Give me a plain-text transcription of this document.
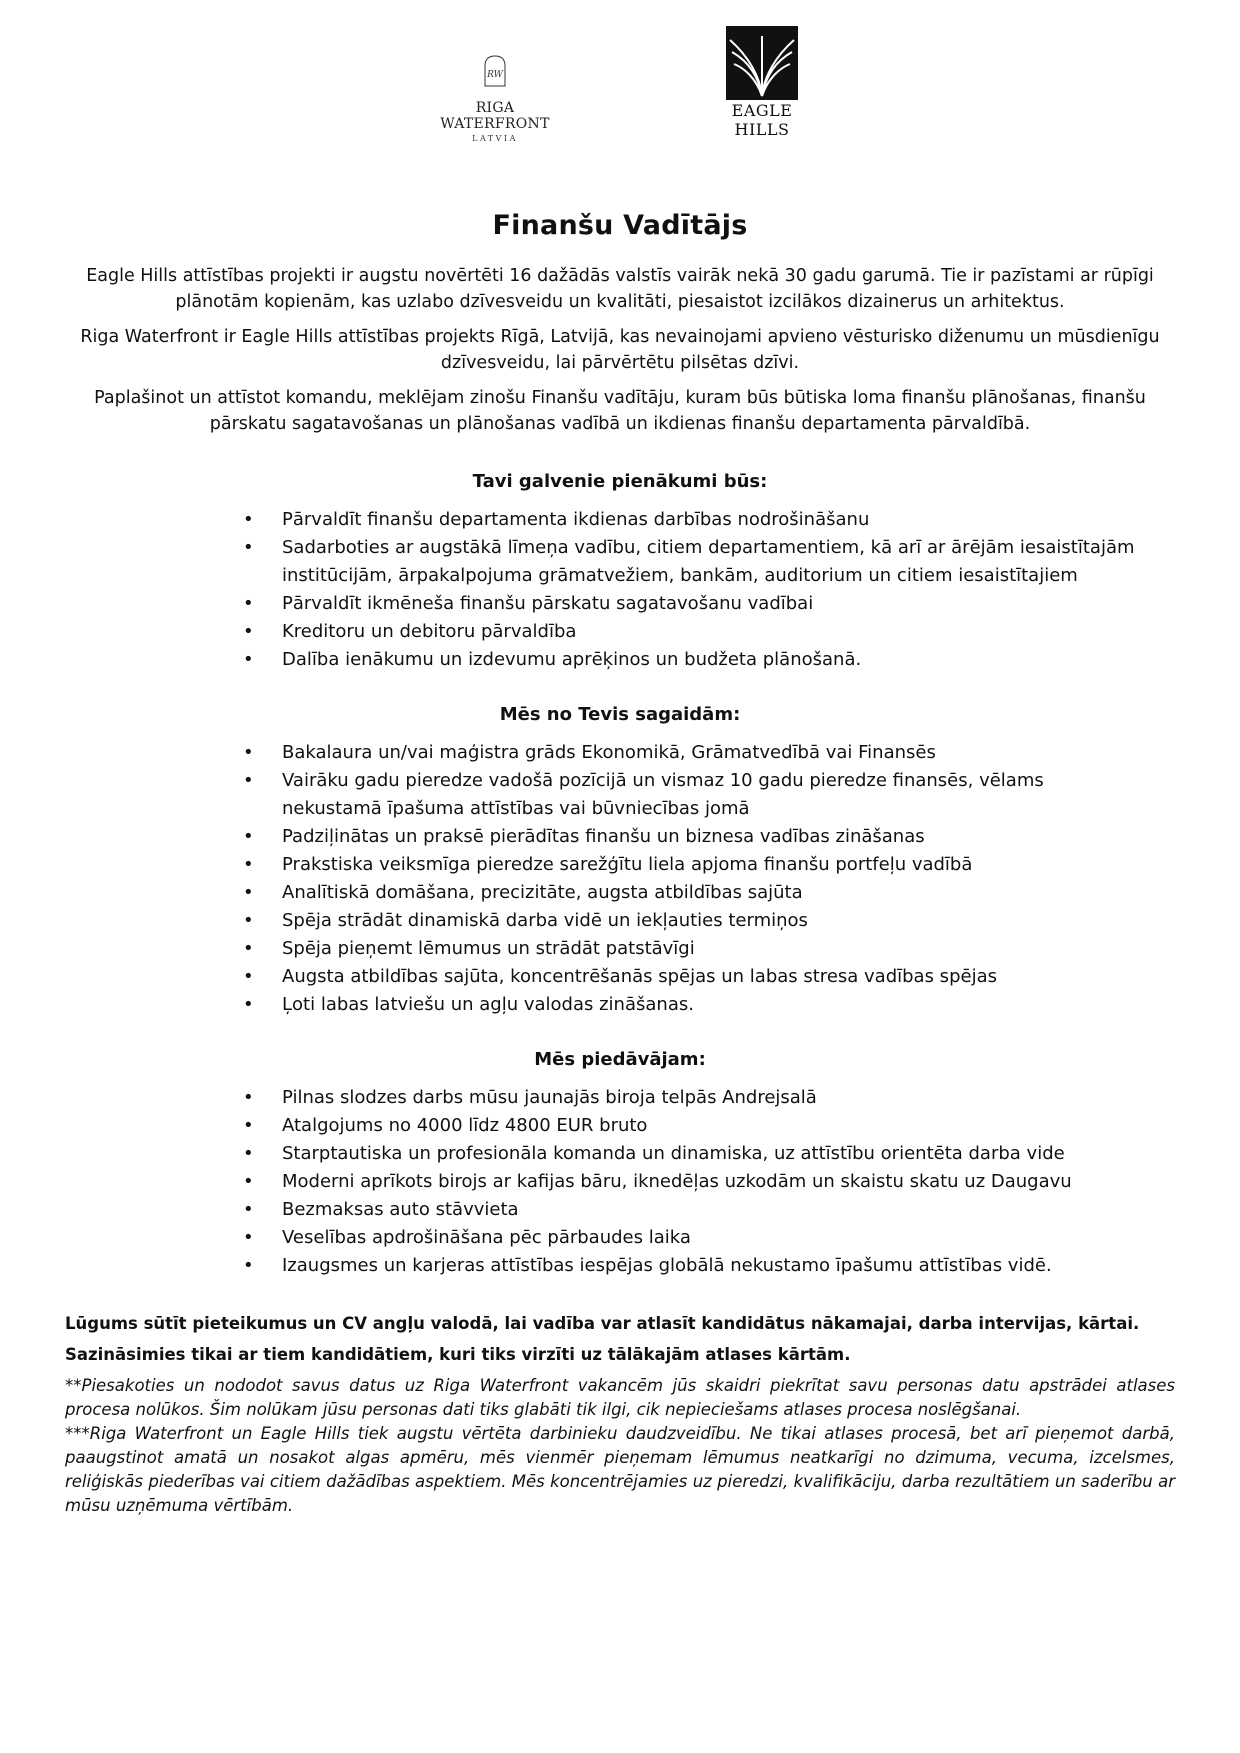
RW
RIGA WATERFRONT
LATVIA
EAGLE
HILLS
Finanšu Vadītājs

Eagle Hills attīstības projekti ir augstu novērtēti 16 dažādās valstīs vairāk nekā 30 gadu garumā. Tie ir pazīstami ar rūpīgi plānotām kopienām, kas uzlabo dzīvesveidu un kvalitāti, piesaistot izcilākos dizainerus un arhitektus.

Riga Waterfront ir Eagle Hills attīstības projekts Rīgā, Latvijā, kas nevainojami apvieno vēsturisko diženumu un mūsdienīgu dzīvesveidu, lai pārvērtētu pilsētas dzīvi.

Paplašinot un attīstot komandu, meklējam zinošu Finanšu vadītāju, kuram būs būtiska loma finanšu plānošanas, finanšu pārskatu sagatavošanas un plānošanas vadībā un ikdienas finanšu departamenta pārvaldībā.

Tavi galvenie pienākumi būs:
• Pārvaldīt finanšu departamenta ikdienas darbības nodrošināšanu
• Sadarboties ar augstākā līmeņa vadību, citiem departamentiem, kā arī ar ārējām iesaistītajām institūcijām, ārpakalpojuma grāmatvežiem, bankām, auditorium un citiem iesaistītajiem
• Pārvaldīt ikmēneša finanšu pārskatu sagatavošanu vadībai
• Kreditoru un debitoru pārvaldība
• Dalība ienākumu un izdevumu aprēķinos un budžeta plānošanā.
Mēs no Tevis sagaidām:
• Bakalaura un/vai maģistra grāds Ekonomikā, Grāmatvedībā vai Finansēs
• Vairāku gadu pieredze vadošā pozīcijā un vismaz 10 gadu pieredze finansēs, vēlams nekustamā īpašuma attīstības vai būvniecības jomā
• Padziļinātas un praksē pierādītas finanšu un biznesa vadības zināšanas
• Prakstiska veiksmīga pieredze sarežģītu liela apjoma finanšu portfeļu vadībā
• Analītiskā domāšana, precizitāte, augsta atbildības sajūta
• Spēja strādāt dinamiskā darba vidē un iekļauties termiņos
• Spēja pieņemt lēmumus un strādāt patstāvīgi
• Augsta atbildības sajūta, koncentrēšanās spējas un labas stresa vadības spējas
• Ļoti labas latviešu un agļu valodas zināšanas.
Mēs piedāvājam:
• Pilnas slodzes darbs mūsu jaunajās biroja telpās Andrejsalā
• Atalgojums no 4000 līdz 4800 EUR bruto
• Starptautiska un profesionāla komanda un dinamiska, uz attīstību orientēta darba vide
• Moderni aprīkots birojs ar kafijas bāru, iknedēļas uzkodām un skaistu skatu uz Daugavu
• Bezmaksas auto stāvvieta
• Veselības apdrošināšana pēc pārbaudes laika
• Izaugsmes un karjeras attīstības iespējas globālā nekustamo īpašumu attīstības vidē.
Lūgums sūtīt pieteikumus un CV angļu valodā, lai vadība var atlasīt kandidātus nākamajai, darba intervijas, kārtai.
Sazināsimies tikai ar tiem kandidātiem, kuri tiks virzīti uz tālākajām atlases kārtām.
**Piesakoties un nododot savus datus uz Riga Waterfront vakancēm jūs skaidri piekrītat savu personas datu apstrādei atlases procesa nolūkos. Šim nolūkam jūsu personas dati tiks glabāti tik ilgi, cik nepieciešams atlases procesa noslēgšanai.
***Riga Waterfront un Eagle Hills tiek augstu vērtēta darbinieku daudzveidību. Ne tikai atlases procesā, bet arī pieņemot darbā, paaugstinot amatā un nosakot algas apmēru, mēs vienmēr pieņemam lēmumus neatkarīgi no dzimuma, vecuma, izcelsmes, reliģiskās piederības vai citiem dažādības aspektiem. Mēs koncentrējamies uz pieredzi, kvalifikāciju, darba rezultātiem un saderību ar mūsu uzņēmuma vērtībām.
